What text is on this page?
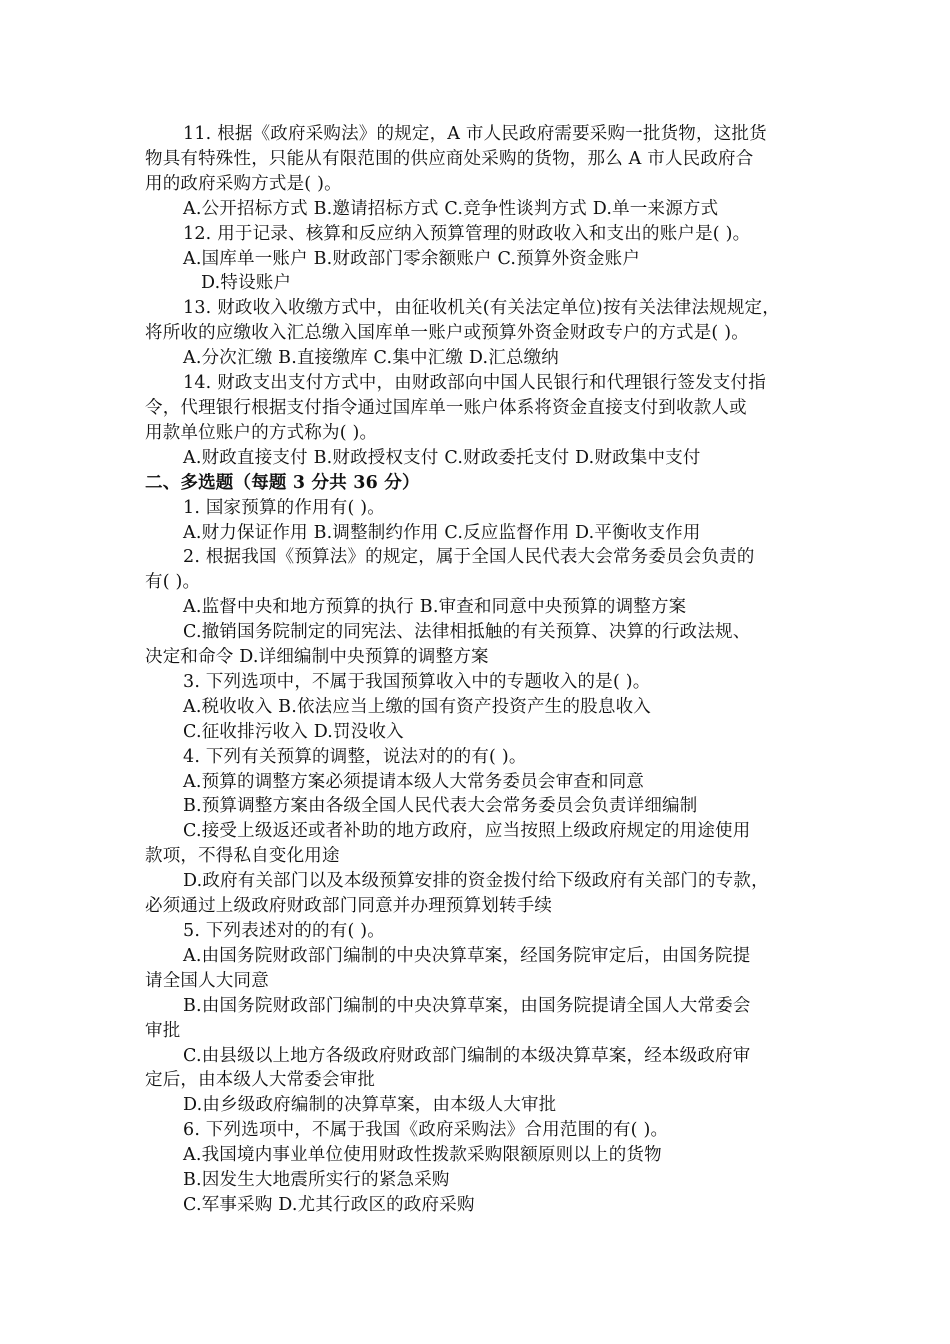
11. 根据《政府采购法》的规定，A 市人民政府需要采购一批货物，这批货
物具有特殊性，只能从有限范围的供应商处采购的货物，那么 A 市人民政府合
用的政府采购方式是( )。
A.公开招标方式 B.邀请招标方式 C.竞争性谈判方式 D.单一来源方式
12. 用于记录、核算和反应纳入预算管理的财政收入和支出的账户是( )。
A.国库单一账户 B.财政部门零余额账户 C.预算外资金账户
D.特设账户
13. 财政收入收缴方式中，由征收机关(有关法定单位)按有关法律法规规定，
将所收的应缴收入汇总缴入国库单一账户或预算外资金财政专户的方式是( )。
A.分次汇缴 B.直接缴库 C.集中汇缴 D.汇总缴纳
14. 财政支出支付方式中，由财政部向中国人民银行和代理银行签发支付指
令，代理银行根据支付指令通过国库单一账户体系将资金直接支付到收款人或
用款单位账户的方式称为( )。
A.财政直接支付 B.财政授权支付 C.财政委托支付 D.财政集中支付
二、多选题（每题 3 分共 36 分）
1. 国家预算的作用有( )。
A.财力保证作用 B.调整制约作用 C.反应监督作用 D.平衡收支作用
2. 根据我国《预算法》的规定，属于全国人民代表大会常务委员会负责的
有( )。
A.监督中央和地方预算的执行 B.审查和同意中央预算的调整方案
C.撤销国务院制定的同宪法、法律相抵触的有关预算、决算的行政法规、
决定和命令 D.详细编制中央预算的调整方案
3. 下列选项中，不属于我国预算收入中的专题收入的是( )。
A.税收收入 B.依法应当上缴的国有资产投资产生的股息收入
C.征收排污收入 D.罚没收入
4. 下列有关预算的调整，说法对的的有( )。
A.预算的调整方案必须提请本级人大常务委员会审查和同意
B.预算调整方案由各级全国人民代表大会常务委员会负责详细编制
C.接受上级返还或者补助的地方政府，应当按照上级政府规定的用途使用
款项，不得私自变化用途
D.政府有关部门以及本级预算安排的资金拨付给下级政府有关部门的专款，
必须通过上级政府财政部门同意并办理预算划转手续
5. 下列表述对的的有( )。
A.由国务院财政部门编制的中央决算草案，经国务院审定后，由国务院提
请全国人大同意
B.由国务院财政部门编制的中央决算草案，由国务院提请全国人大常委会
审批
C.由县级以上地方各级政府财政部门编制的本级决算草案，经本级政府审
定后，由本级人大常委会审批
D.由乡级政府编制的决算草案，由本级人大审批
6. 下列选项中，不属于我国《政府采购法》合用范围的有( )。
A.我国境内事业单位使用财政性拨款采购限额原则以上的货物
B.因发生大地震所实行的紧急采购
C.军事采购 D.尤其行政区的政府采购
